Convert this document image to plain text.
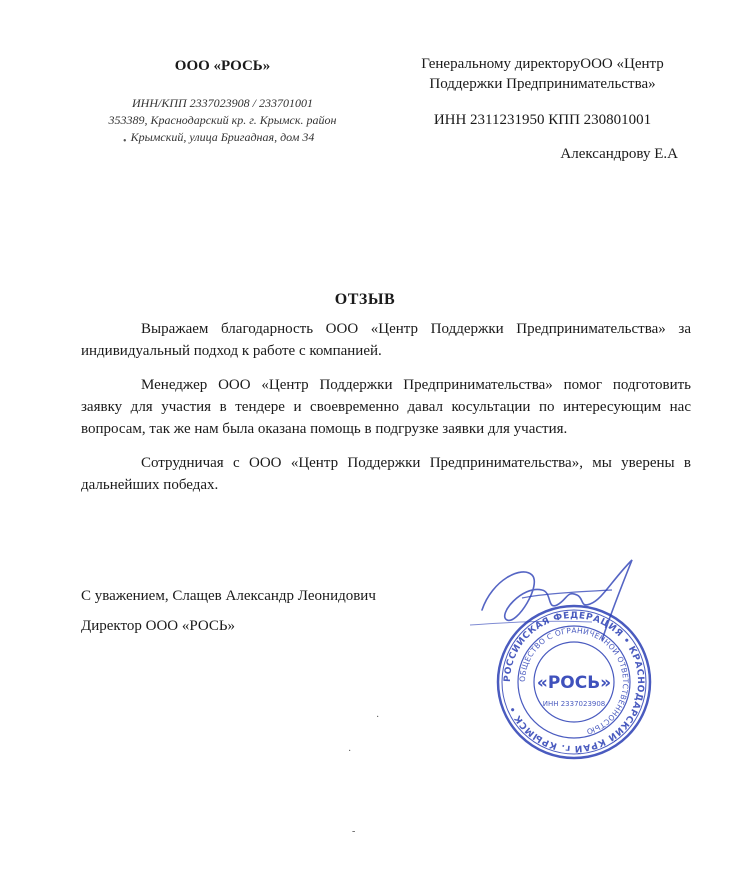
ООО «РОСЬ»
ИНН/КПП 2337023908 / 233701001
353389, Краснодарский кр. г. Крымск. район
Крымский, улица Бригадная, дом 34
Генеральному директоруООО «Центр
Поддержки Предпринимательства»
ИНН 2311231950 КПП 230801001
Александрову Е.А
ОТЗЫВ

Выражаем благодарность ООО «Центр Поддержки Предпринимательства» за индивидуальный подход к работе с компанией.

Менеджер ООО «Центр Поддержки Предпринимательства» помог подготовить заявку для участия в тендере и своевременно давал косультации по интересующим нас вопросам, так же нам была оказана помощь в подгрузке заявки для участия.

Сотрудничая с ООО «Центр Поддержки Предпринимательства», мы уверены в дальнейших победах.

С уважением, Слащев Александр Леонидович
Директор ООО «РОСЬ»
РОССИЙСКАЯ ФЕДЕРАЦИЯ • КРАСНОДАРСКИЙ КРАЙ г. КРЫМСК •
ОБЩЕСТВО С ОГРАНИЧЕННОЙ ОТВЕТСТВЕННОСТЬЮ
«РОСЬ»
ИНН 2337023908
•
·
·
-
